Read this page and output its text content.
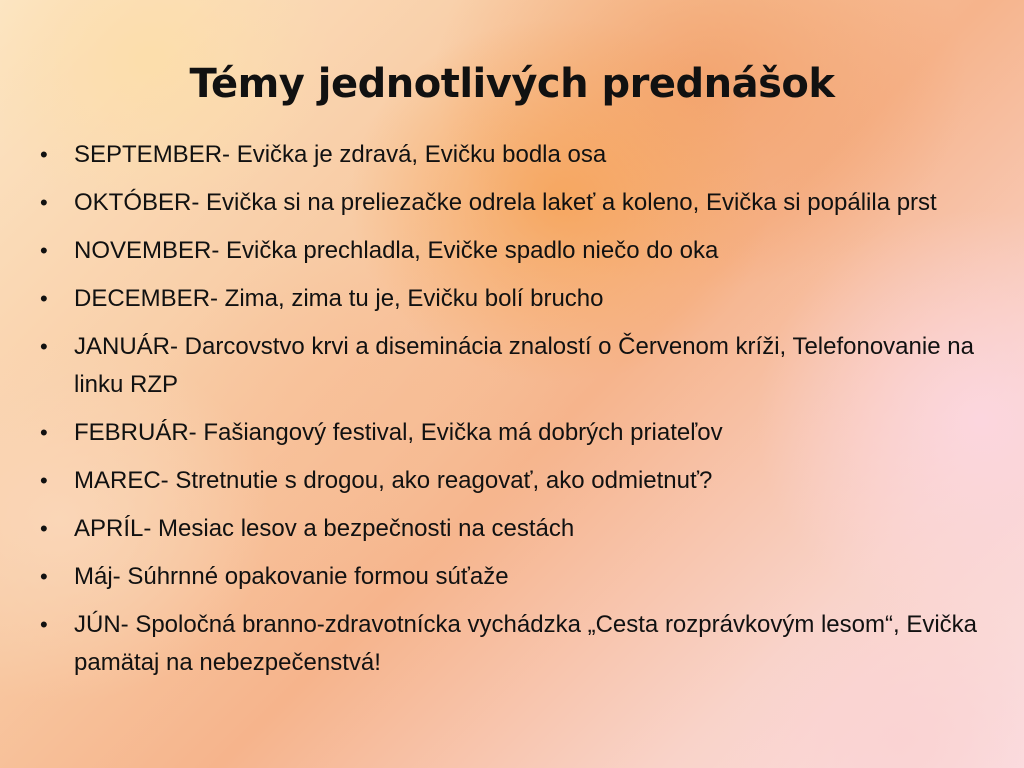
Témy jednotlivých prednášok
•	SEPTEMBER- Evička je zdravá, Evičku bodla osa
•	OKTÓBER- Evička si na preliezačke odrela lakeť a koleno, Evička si popálila prst
•	NOVEMBER- Evička prechladla, Evičke spadlo niečo do oka
•	DECEMBER- Zima, zima tu je, Evičku bolí brucho
•	JANUÁR- Darcovstvo krvi a diseminácia znalostí o Červenom kríži, Telefonovanie na linku RZP
•	FEBRUÁR- Fašiangový festival, Evička má dobrých priateľov
•	MAREC- Stretnutie s drogou, ako reagovať, ako odmietnuť?
•	APRÍL- Mesiac lesov a bezpečnosti na cestách
•	Máj- Súhrnné opakovanie formou súťaže
•	JÚN- Spoločná branno-zdravotnícka vychádzka „Cesta rozprávkovým lesom“, Evička pamätaj na nebezpečenstvá!
